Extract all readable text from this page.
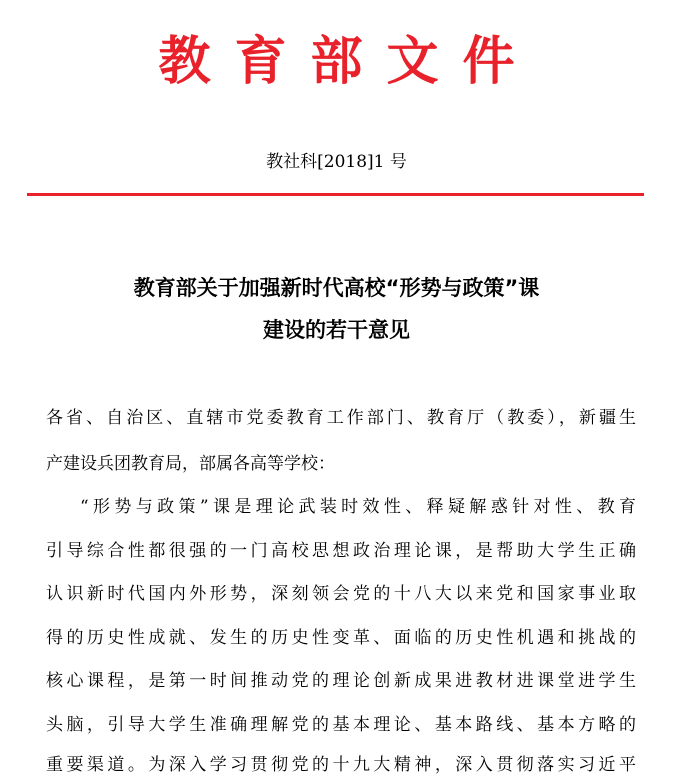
教育部文件
教社科[2018]1 号
教育部关于加强新时代高校“形势与政策”课
建设的若干意见
各省、自治区、直辖市党委教育工作部门、教育厅（教委），新疆生
产建设兵团教育局，部属各高等学校：
“形势与政策”课是理论武装时效性、释疑解惑针对性、教育
引导综合性都很强的一门高校思想政治理论课，是帮助大学生正确
认识新时代国内外形势，深刻领会党的十八大以来党和国家事业取
得的历史性成就、发生的历史性变革、面临的历史性机遇和挑战的
核心课程，是第一时间推动党的理论创新成果进教材进课堂进学生
头脑，引导大学生准确理解党的基本理论、基本路线、基本方略的
重要渠道。为深入学习贯彻党的十九大精神，深入贯彻落实习近平
